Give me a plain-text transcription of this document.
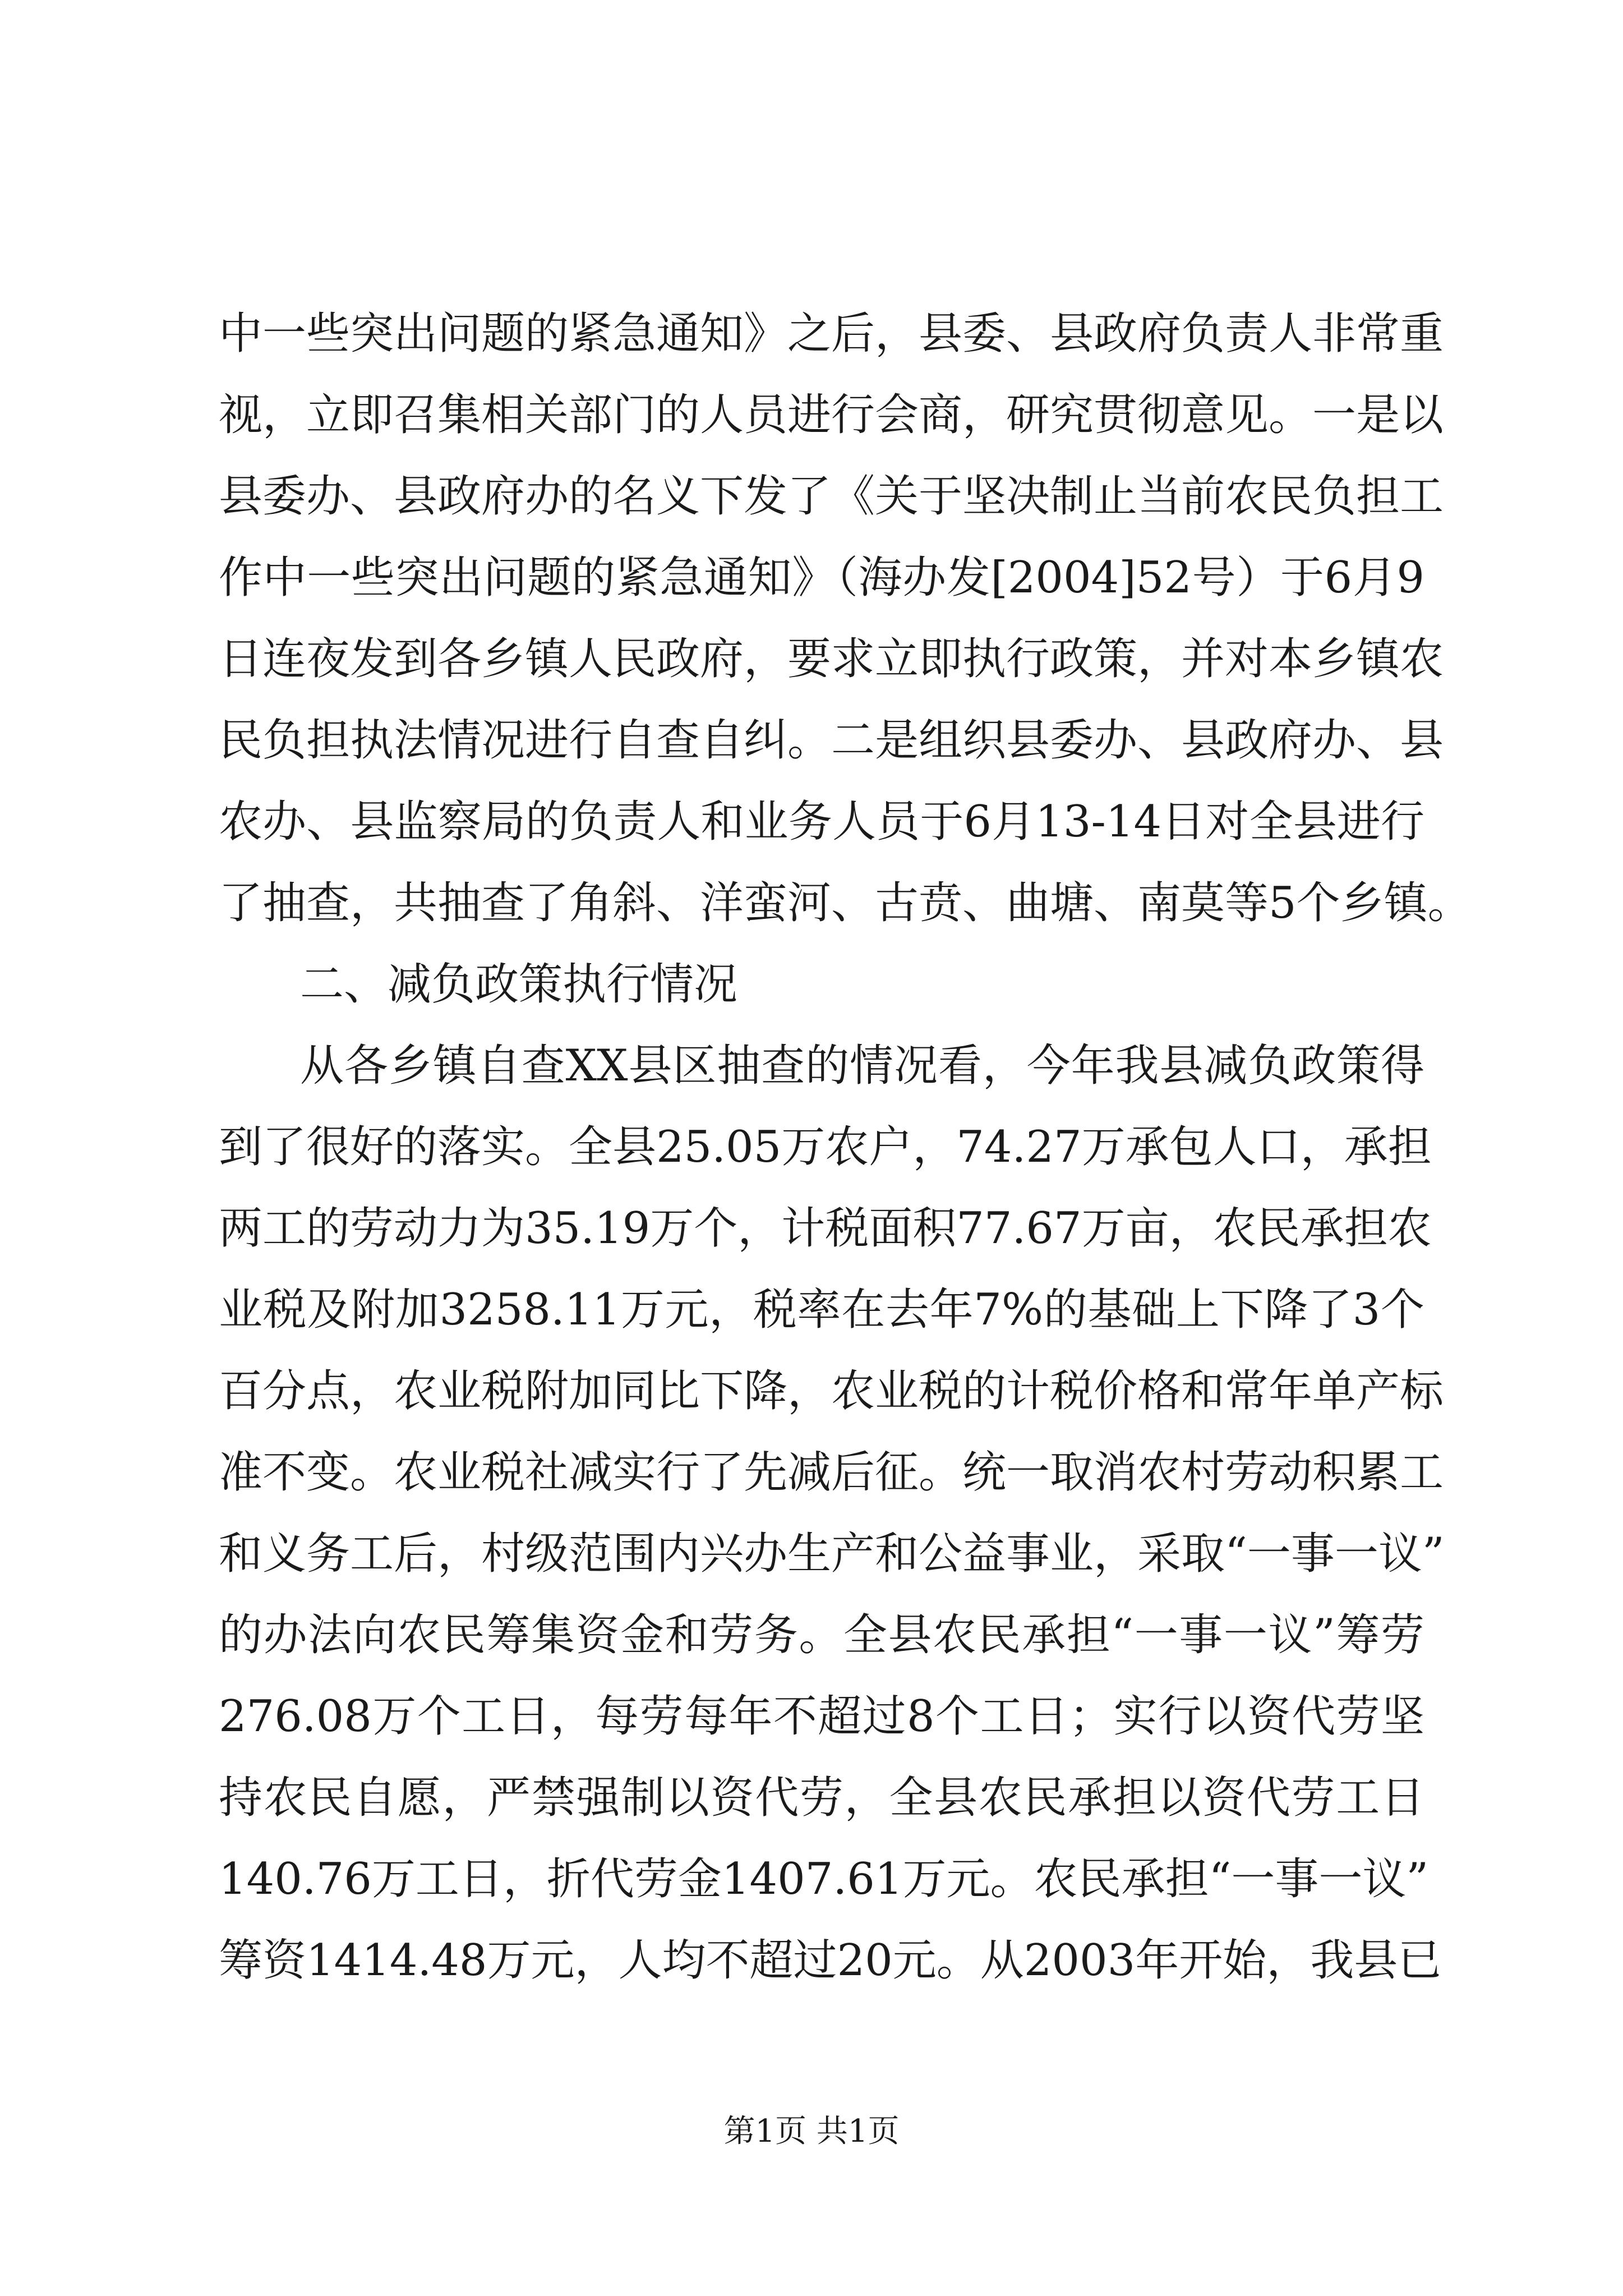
中一些突出问题的紧急通知》之后，县委、县政府负责人非常重
视，立即召集相关部门的人员进行会商，研究贯彻意见。一是以
县委办、县政府办的名义下发了《关于坚决制止当前农民负担工
作中一些突出问题的紧急通知》（海办发[2004]52号）于6月9
日连夜发到各乡镇人民政府，要求立即执行政策，并对本乡镇农
民负担执法情况进行自查自纠。二是组织县委办、县政府办、县
农办、县监察局的负责人和业务人员于6月13-14日对全县进行
了抽查，共抽查了角斜、洋蛮河、古贲、曲塘、南莫等5个乡镇。
二、减负政策执行情况
从各乡镇自查XX县区抽查的情况看，今年我县减负政策得
到了很好的落实。全县25.05万农户，74.27万承包人口，承担
两工的劳动力为35.19万个，计税面积77.67万亩，农民承担农
业税及附加3258.11万元，税率在去年7%的基础上下降了3个
百分点，农业税附加同比下降，农业税的计税价格和常年单产标
准不变。农业税社减实行了先减后征。统一取消农村劳动积累工
和义务工后，村级范围内兴办生产和公益事业，采取“一事一议”
的办法向农民筹集资金和劳务。全县农民承担“一事一议”筹劳
276.08万个工日，每劳每年不超过8个工日；实行以资代劳坚
持农民自愿，严禁强制以资代劳，全县农民承担以资代劳工日
140.76万工日，折代劳金1407.61万元。农民承担“一事一议”
筹资1414.48万元，人均不超过20元。从2003年开始，我县已
第1页 共1页
